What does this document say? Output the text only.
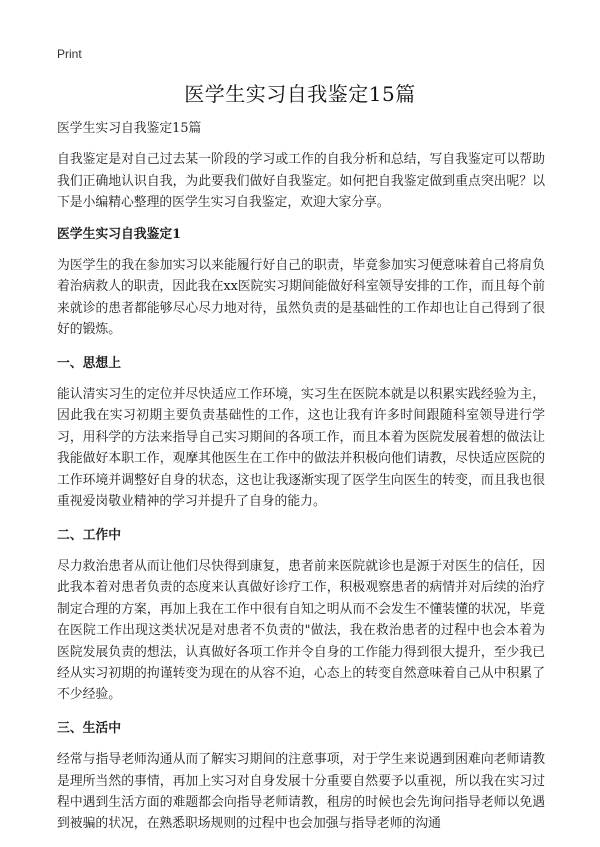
Print
医学生实习自我鉴定15篇

医学生实习自我鉴定15篇

自我鉴定是对自己过去某一阶段的学习或工作的自我分析和总结，写自我鉴定可以帮助我们正确地认识自我，为此要我们做好自我鉴定。如何把自我鉴定做到重点突出呢？以下是小编精心整理的医学生实习自我鉴定，欢迎大家分享。

医学生实习自我鉴定1

为医学生的我在参加实习以来能履行好自己的职责，毕竟参加实习便意味着自己将肩负着治病救人的职责，因此我在xx医院实习期间能做好科室领导安排的工作，而且每个前来就诊的患者都能够尽心尽力地对待，虽然负责的是基础性的工作却也让自己得到了很好的锻炼。

一、思想上

能认清实习生的定位并尽快适应工作环境，实习生在医院本就是以积累实践经验为主，因此我在实习初期主要负责基础性的工作，这也让我有许多时间跟随科室领导进行学习，用科学的方法来指导自己实习期间的各项工作，而且本着为医院发展着想的做法让我能做好本职工作，观摩其他医生在工作中的做法并积极向他们请教，尽快适应医院的工作环境并调整好自身的状态，这也让我逐渐实现了医学生向医生的转变，而且我也很重视爱岗敬业精神的学习并提升了自身的能力。

二、工作中

尽力救治患者从而让他们尽快得到康复，患者前来医院就诊也是源于对医生的信任，因此我本着对患者负责的态度来认真做好诊疗工作，积极观察患者的病情并对后续的治疗制定合理的方案，再加上我在工作中很有自知之明从而不会发生不懂装懂的状况，毕竟在医院工作出现这类状况是对患者不负责的"做法，我在救治患者的过程中也会本着为医院发展负责的想法，认真做好各项工作并令自身的工作能力得到很大提升，至少我已经从实习初期的拘谨转变为现在的从容不迫，心态上的转变自然意味着自己从中积累了不少经验。

三、生活中

经常与指导老师沟通从而了解实习期间的注意事项，对于学生来说遇到困难向老师请教是理所当然的事情，再加上实习对自身发展十分重要自然要予以重视，所以我在实习过程中遇到生活方面的难题都会向指导老师请教，租房的时候也会先询问指导老师以免遇到被骗的状况，在熟悉职场规则的过程中也会加强与指导老师的沟通
